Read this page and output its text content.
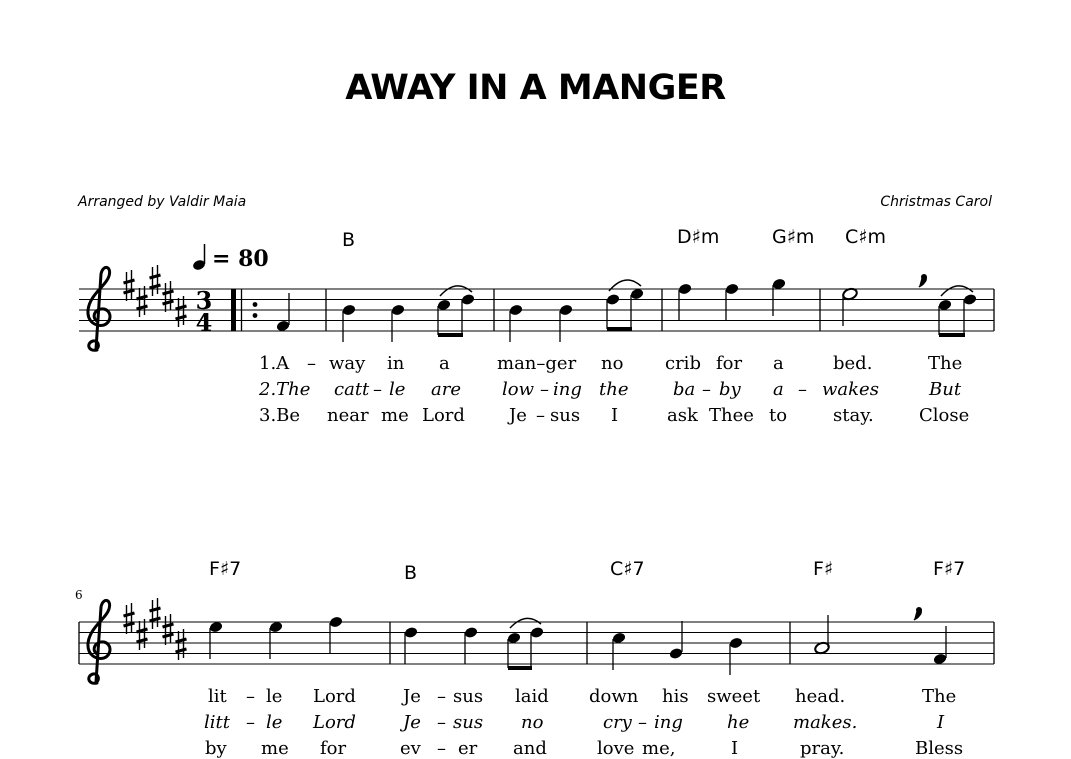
AWAY IN A MANGER
Arranged by Valdir Maia	Christmas Carol
= 80
6
B	D♯m	G♯m C♯m
F♯7	B	C♯7	F♯	F♯7
1.A – way in a	man–ger no crib for a	bed.	The
2.The catt – le are low – ing the ba – by a – wakes	But
3.Be near me Lord Je – sus I	ask Thee to	stay.	Close
lit – le Lord	Je – sus laid down his sweet head.	The
litt – le Lord	Je – sus no	cry – ing he makes.	I
by me for	ev – er and	love me,	I	pray.	Bless
3
4
